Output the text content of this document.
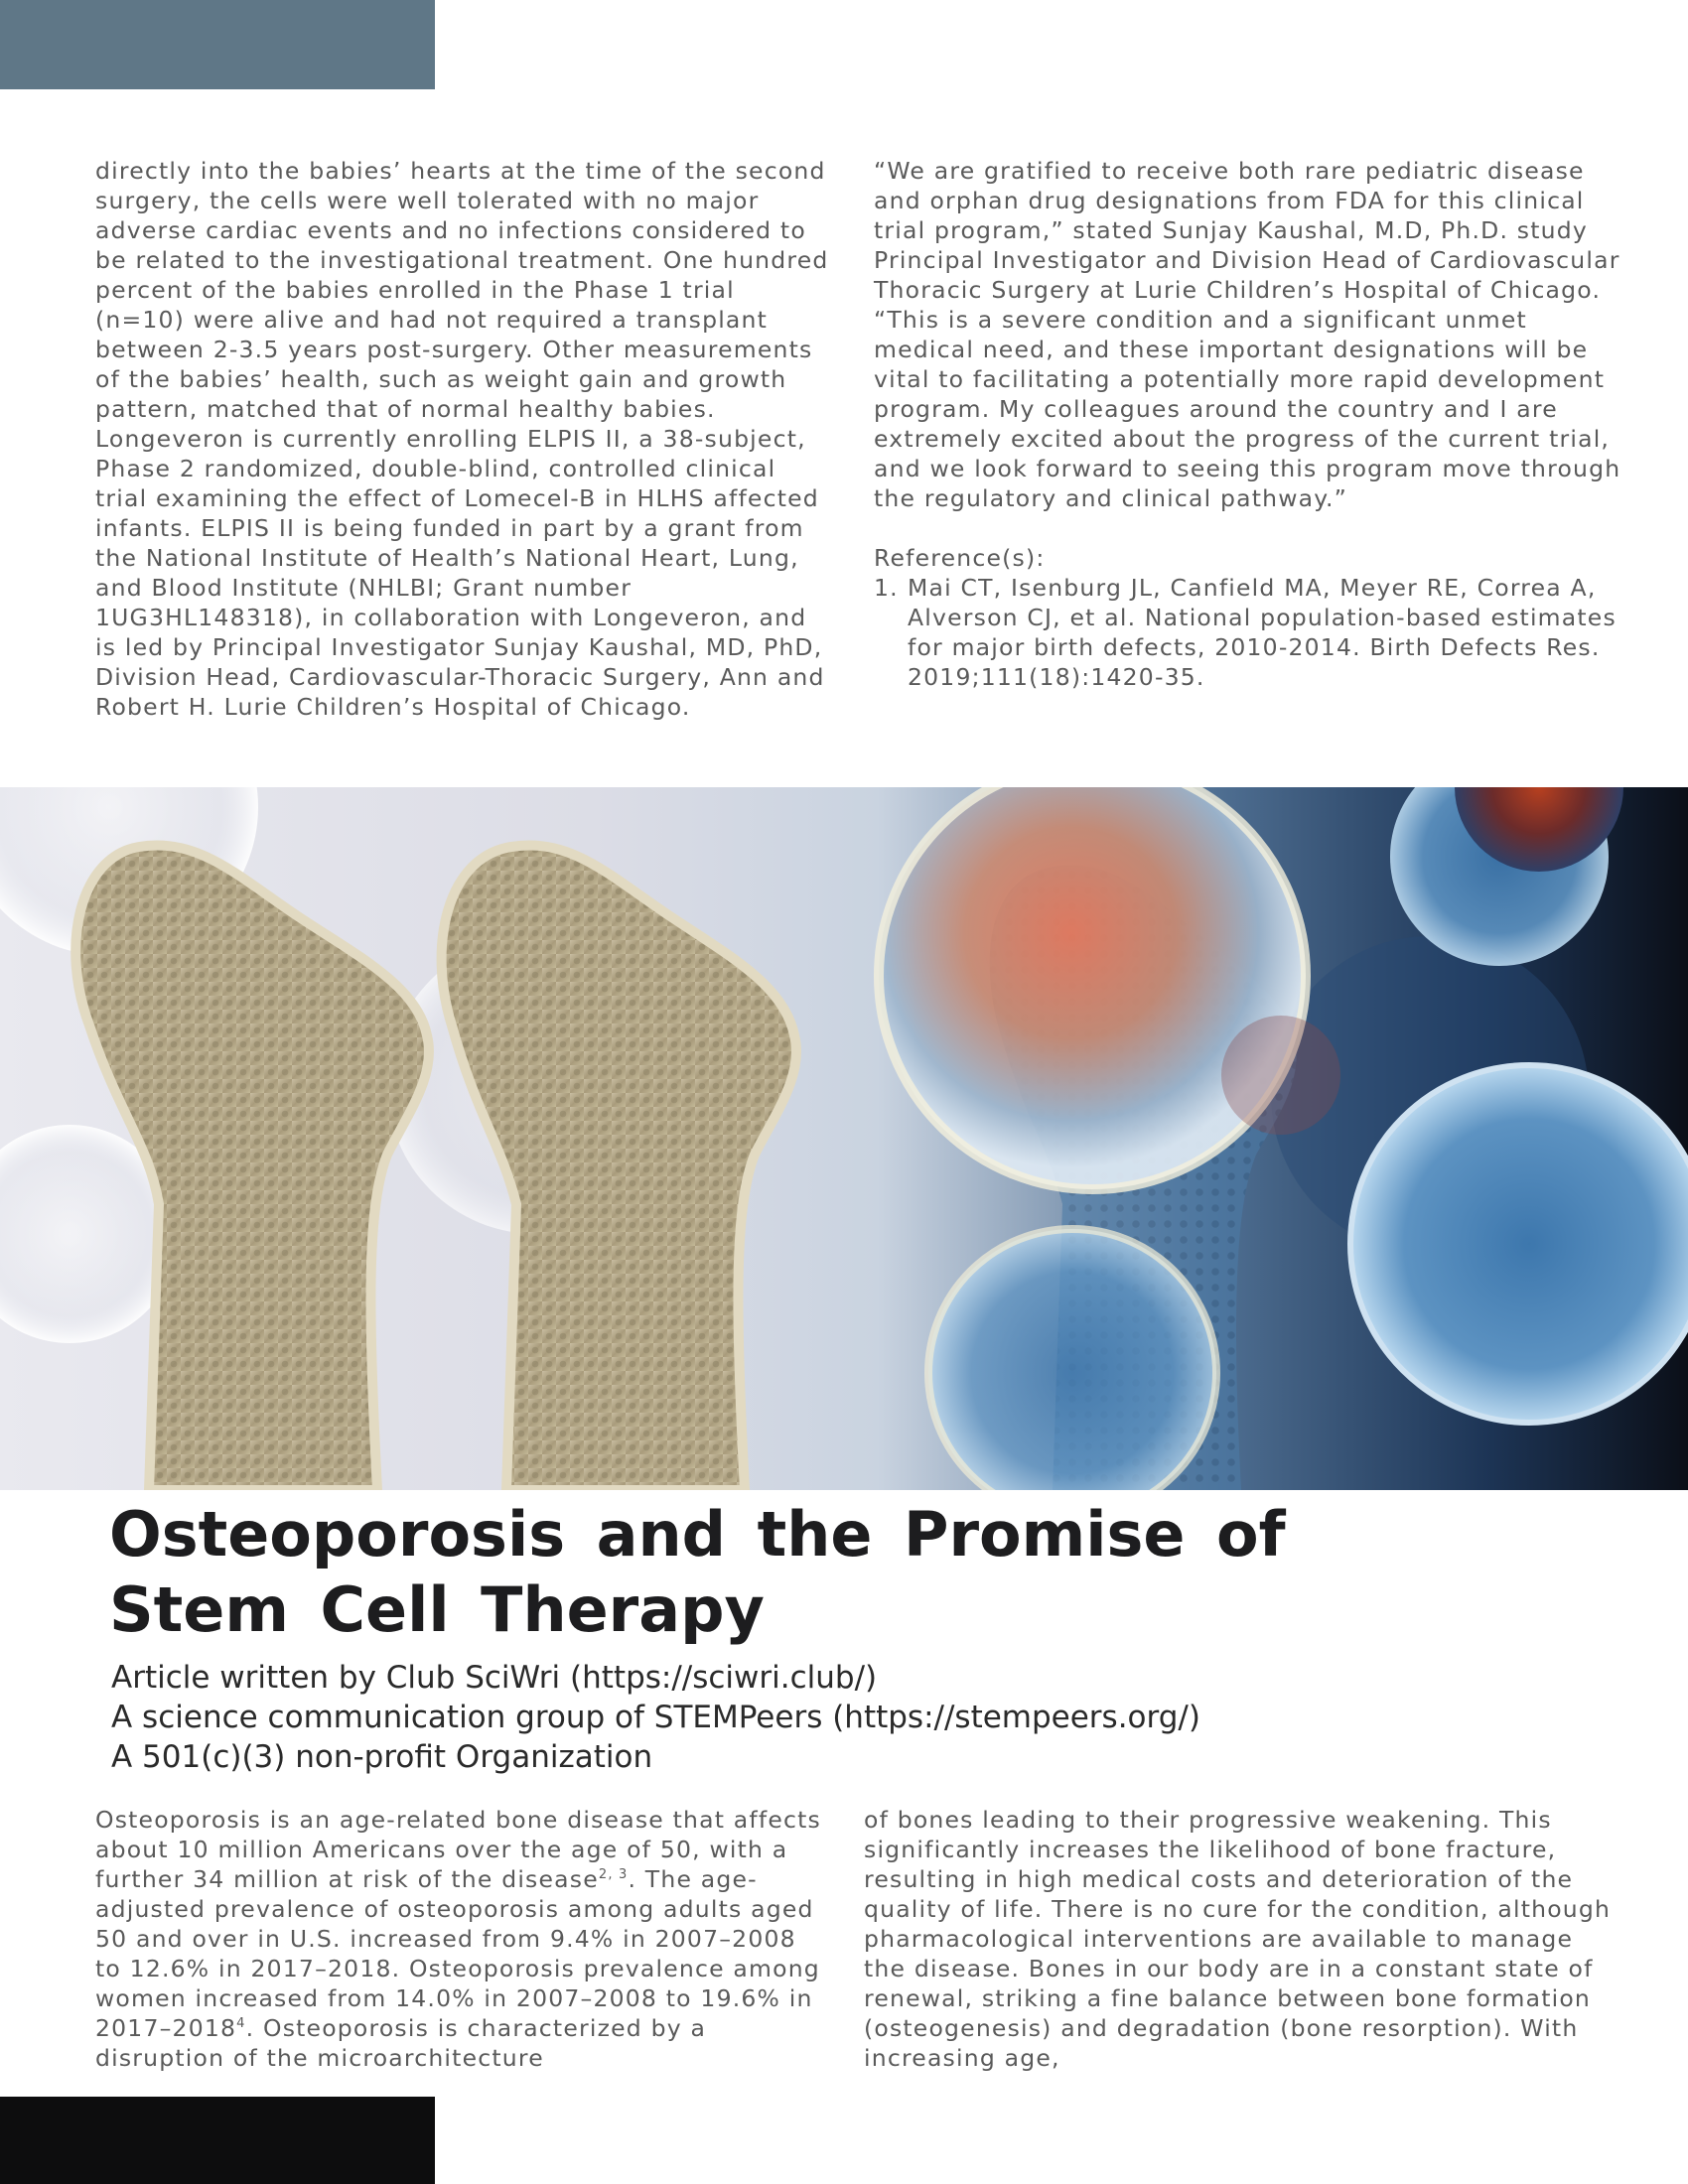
directly into the babies’ hearts at the time of the second surgery, the cells were well tolerated with no major adverse cardiac events and no infections considered to be related to the investigational treatment. One hundred percent of the babies enrolled in the Phase 1 trial (n=10) were alive and had not required a transplant between 2-3.5 years post-surgery. Other measurements of the babies’ health, such as weight gain and growth pattern, matched that of normal healthy babies. Longeveron is currently enrolling ELPIS II, a 38-subject, Phase 2 randomized, double-blind, controlled clinical trial examining the effect of Lomecel-B in HLHS affected infants. ELPIS II is being funded in part by a grant from the National Institute of Health’s National Heart, Lung, and Blood Institute (NHLBI; Grant number 1UG3HL148318), in collaboration with Longeveron, and is led by Principal Investigator Sunjay Kaushal, MD, PhD, Division Head, Cardiovascular-Thoracic Surgery, Ann and Robert H. Lurie Children’s Hospital of Chicago.

“We are gratified to receive both rare pediatric disease and orphan drug designations from FDA for this clinical trial program,” stated Sunjay Kaushal, M.D, Ph.D. study Principal Investigator and Division Head of Cardiovascular Thoracic Surgery at Lurie Children’s Hospital of Chicago. “This is a severe condition and a significant unmet medical need, and these important designations will be vital to facilitating a potentially more rapid development program. My colleagues around the country and I are extremely excited about the progress of the current trial, and we look forward to seeing this program move through the regulatory and clinical pathway.”

Reference(s):

1. Mai CT, Isenburg JL, Canfield MA, Meyer RE, Correa A, Alverson CJ, et al. National population-based estimates for major birth defects, 2010-2014. Birth Defects Res. 2019;111(18):1420-35.
Osteoporosis and the Promise of
Stem Cell Therapy
Article written by Club SciWri (https://sciwri.club/)
A science communication group of STEMPeers (https://stempeers.org/)
A 501(c)(3) non-profit Organization

Osteoporosis is an age-related bone disease that affects about 10 million Americans over the age of 50, with a further 34 million at risk of the disease$^{2, 3}$. The age-adjusted prevalence of osteoporosis among adults aged 50 and over in U.S. increased from 9.4% in 2007–2008 to 12.6% in 2017–2018. Osteoporosis prevalence among women increased from 14.0% in 2007–2008 to 19.6% in 2017–2018$^4$. Osteoporosis is characterized by a disruption of the microarchitecture

of bones leading to their progressive weakening. This significantly increases the likelihood of bone fracture, resulting in high medical costs and deterioration of the quality of life. There is no cure for the condition, although pharmacological interventions are available to manage the disease. Bones in our body are in a constant state of renewal, striking a fine balance between bone formation (osteogenesis) and degradation (bone resorption). With increasing age,
